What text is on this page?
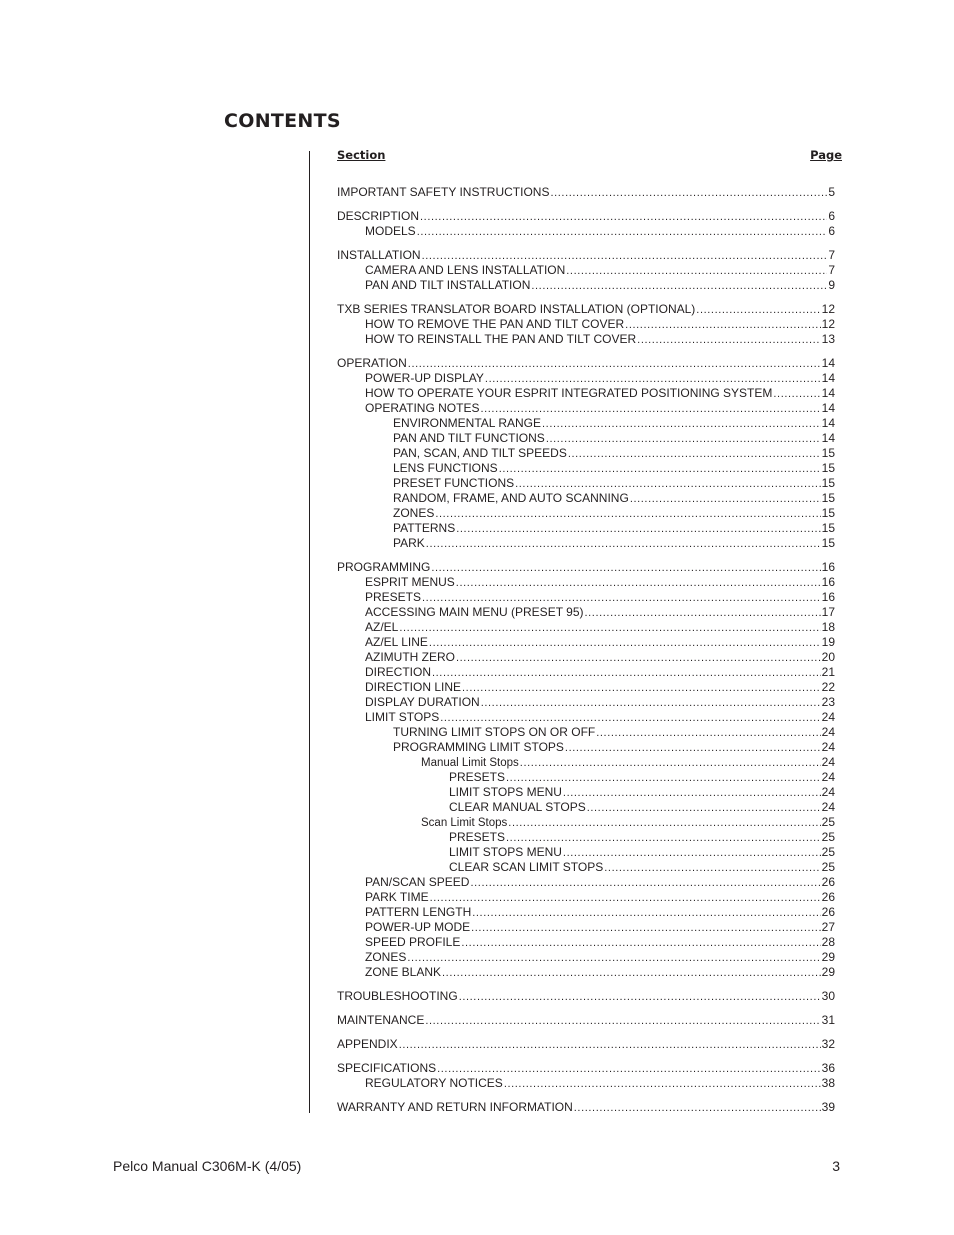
CONTENTS
Section	Page
IMPORTANT SAFETY INSTRUCTIONS .....	5
DESCRIPTION .....	6
MODELS .....	6
INSTALLATION .....	7
CAMERA AND LENS INSTALLATION .....	7
PAN AND TILT INSTALLATION .....	9
TXB SERIES TRANSLATOR BOARD INSTALLATION (OPTIONAL) .....	12
HOW TO REMOVE THE PAN AND TILT COVER .....	12
HOW TO REINSTALL THE PAN AND TILT COVER .....	13
OPERATION .....	14
POWER-UP DISPLAY .....	14
HOW TO OPERATE YOUR ESPRIT INTEGRATED POSITIONING SYSTEM .....	14
OPERATING NOTES .....	14
ENVIRONMENTAL RANGE .....	14
PAN AND TILT FUNCTIONS .....	14
PAN, SCAN, AND TILT SPEEDS .....	15
LENS FUNCTIONS .....	15
PRESET FUNCTIONS .....	15
RANDOM, FRAME, AND AUTO SCANNING .....	15
ZONES .....	15
PATTERNS .....	15
PARK .....	15
PROGRAMMING .....	16
ESPRIT MENUS .....	16
PRESETS .....	16
ACCESSING MAIN MENU (PRESET 95) .....	17
AZ/EL .....	18
AZ/EL LINE .....	19
AZIMUTH ZERO .....	20
DIRECTION .....	21
DIRECTION LINE .....	22
DISPLAY DURATION .....	23
LIMIT STOPS .....	24
TURNING LIMIT STOPS ON OR OFF .....	24
PROGRAMMING LIMIT STOPS .....	24
Manual Limit Stops .....	24
PRESETS .....	24
LIMIT STOPS MENU .....	24
CLEAR MANUAL STOPS .....	24
Scan Limit Stops .....	25
PRESETS .....	25
LIMIT STOPS MENU .....	25
CLEAR SCAN LIMIT STOPS .....	25
PAN/SCAN SPEED .....	26
PARK TIME .....	26
PATTERN LENGTH .....	26
POWER-UP MODE .....	27
SPEED PROFILE .....	28
ZONES .....	29
ZONE BLANK .....	29
TROUBLESHOOTING .....	30
MAINTENANCE .....	31
APPENDIX .....	32
SPECIFICATIONS .....	36
REGULATORY NOTICES .....	38
WARRANTY AND RETURN INFORMATION .....	39
Pelco Manual C306M-K (4/05)	3
